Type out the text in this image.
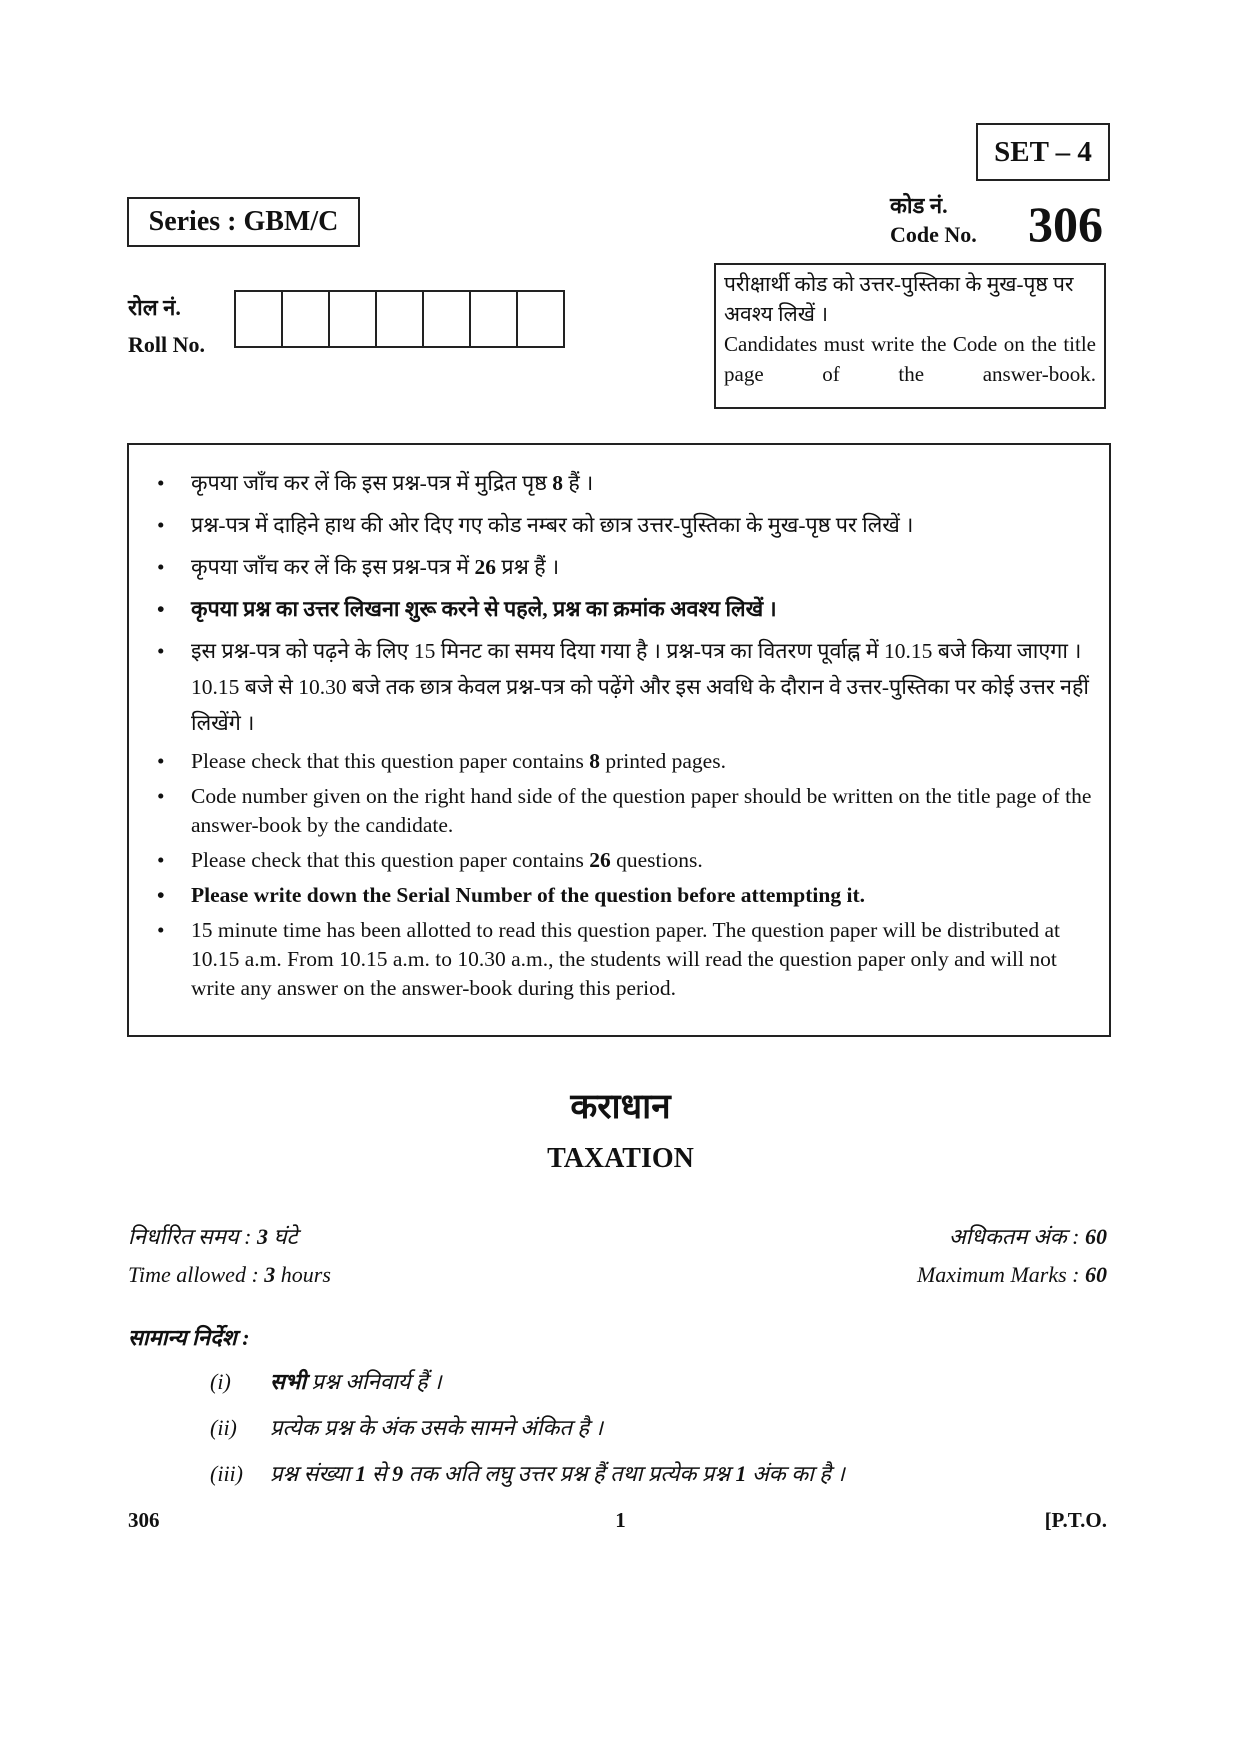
SET – 4
Series : GBM/C
कोड नं.
Code No. 306
रोल नं.
Roll No.

परीक्षार्थी कोड को उत्तर-पुस्तिका के मुख-पृष्ठ पर अवश्य लिखें ।

Candidates must write the Code on the title page of the answer-book.

• कृपया जाँच कर लें कि इस प्रश्न-पत्र में मुद्रित पृष्ठ 8 हैं ।
• प्रश्न-पत्र में दाहिने हाथ की ओर दिए गए कोड नम्बर को छात्र उत्तर-पुस्तिका के मुख-पृष्ठ पर लिखें ।
• कृपया जाँच कर लें कि इस प्रश्न-पत्र में 26 प्रश्न हैं ।
• कृपया प्रश्न का उत्तर लिखना शुरू करने से पहले, प्रश्न का क्रमांक अवश्य लिखें ।
• इस प्रश्न-पत्र को पढ़ने के लिए 15 मिनट का समय दिया गया है । प्रश्न-पत्र का वितरण पूर्वाह्न में 10.15 बजे किया जाएगा । 10.15 बजे से 10.30 बजे तक छात्र केवल प्रश्न-पत्र को पढ़ेंगे और इस अवधि के दौरान वे उत्तर-पुस्तिका पर कोई उत्तर नहीं लिखेंगे ।
• Please check that this question paper contains 8 printed pages.
• Code number given on the right hand side of the question paper should be written on the title page of the answer-book by the candidate.
• Please check that this question paper contains 26 questions.
• Please write down the Serial Number of the question before attempting it.
• 15 minute time has been allotted to read this question paper. The question paper will be distributed at 10.15 a.m. From 10.15 a.m. to 10.30 a.m., the students will read the question paper only and will not write any answer on the answer-book during this period.
कराधान
TAXATION
निर्धारित समय : 3 घंटे
Time allowed : 3 hours
अधिकतम अंक : 60
Maximum Marks : 60
सामान्य निर्देश :
(i) सभी प्रश्न अनिवार्य हैं ।
(ii) प्रत्येक प्रश्न के अंक उसके सामने अंकित है ।
(iii) प्रश्न संख्या 1 से 9 तक अति लघु उत्तर प्रश्न हैं तथा प्रत्येक प्रश्न 1 अंक का है ।
306	1	[P.T.O.
